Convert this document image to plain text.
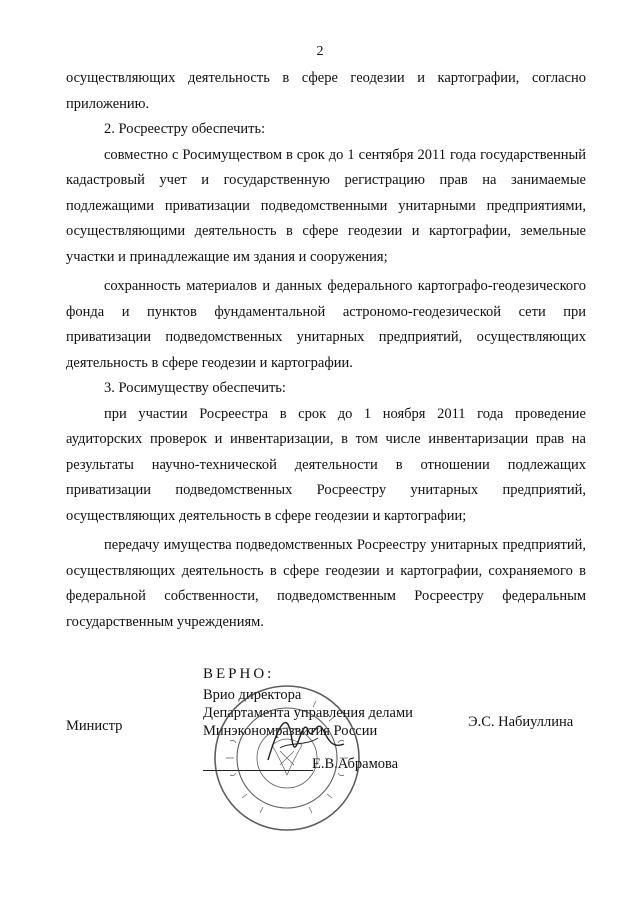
2

осуществляющих деятельность в сфере геодезии и картографии, согласно приложению.

2. Росреестру обеспечить:

совместно с Росимуществом в срок до 1 сентября 2011 года государственный кадастровый учет и государственную регистрацию прав на занимаемые подлежащими приватизации подведомственными унитарными предприятиями, осуществляющими деятельность в сфере геодезии и картографии, земельные участки и принадлежащие им здания и сооружения;

сохранность материалов и данных федерального картографо-геодезического фонда и пунктов фундаментальной астрономо-геодезической сети при приватизации подведомственных унитарных предприятий, осуществляющих деятельность в сфере геодезии и картографии.

3. Росимуществу обеспечить:

при участии Росреестра в срок до 1 ноября 2011 года проведение аудиторских проверок и инвентаризации, в том числе инвентаризации прав на результаты научно-технической деятельности в отношении подлежащих приватизации подведомственных Росреестру унитарных предприятий, осуществляющих деятельность в сфере геодезии и картографии;

передачу имущества подведомственных Росреестру унитарных предприятий, осуществляющих деятельность в сфере геодезии и картографии, сохраняемого в федеральной собственности, подведомственным Росреестру федеральным государственным учреждениям.

ВЕРНО:
Врио директора
Департамента управления делами
Минэкономразвития России
Министр	Э.С. Набиуллина
Е.В.Абрамова
